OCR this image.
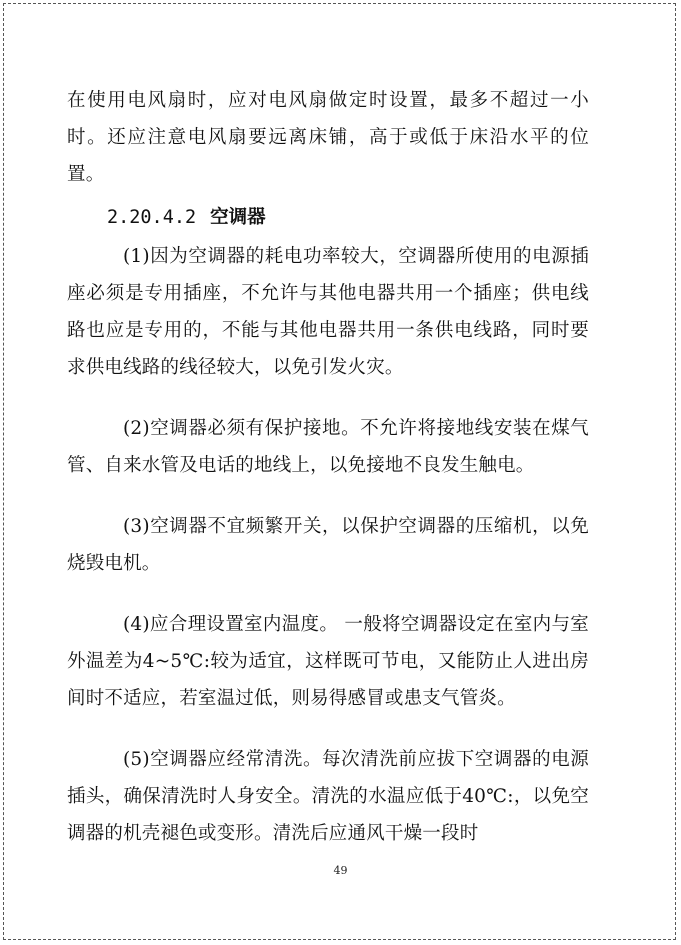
在使用电风扇时，应对电风扇做定时设置，最多不超过一小时。还应注意电风扇要远离床铺，高于或低于床沿水平的位置。

2.20.4.2 空调器

(1)因为空调器的耗电功率较大，空调器所使用的电源插座必须是专用插座，不允许与其他电器共用一个插座；供电线路也应是专用的，不能与其他电器共用一条供电线路，同时要求供电线路的线径较大，以免引发火灾。

(2)空调器必须有保护接地。不允许将接地线安装在煤气管、自来水管及电话的地线上，以免接地不良发生触电。

(3)空调器不宜频繁开关，以保护空调器的压缩机，以免烧毁电机。

(4)应合理设置室内温度。 一般将空调器设定在室内与室外温差为4~5℃:较为适宜，这样既可节电，又能防止人进出房间时不适应，若室温过低，则易得感冒或患支气管炎。

(5)空调器应经常清洗。每次清洗前应拔下空调器的电源插头，确保清洗时人身安全。清洗的水温应低于40℃:，以免空调器的机壳褪色或变形。清洗后应通风干燥一段时

49
